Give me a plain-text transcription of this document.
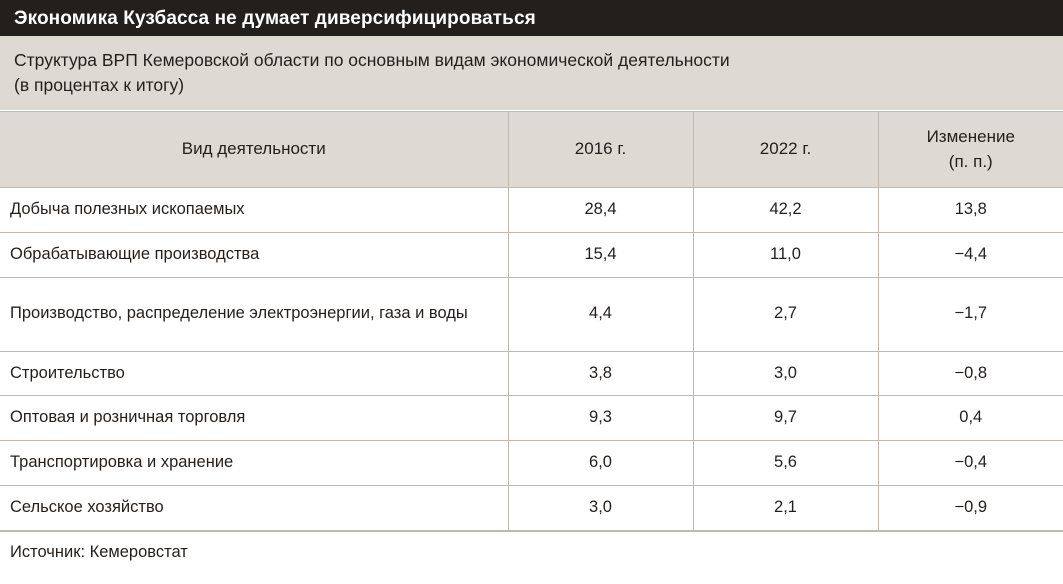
Экономика Кузбасса не думает диверсифицироваться
Структура ВРП Кемеровской области по основным видам экономической деятельности
(в процентах к итогу)
Вид деятельности	2016 г.	2022 г.	Изменение
(п. п.)

Добыча полезных ископаемых	28,4	42,2	13,8
Обрабатывающие производства	15,4	11,0	−4,4
Производство, распределение электроэнергии, газа и воды	4,4	2,7	−1,7
Строительство	3,8	3,0	−0,8
Оптовая и розничная торговля	9,3	9,7	0,4
Транспортировка и хранение	6,0	5,6	−0,4
Сельское хозяйство	3,0	2,1	−0,9
Источник: Кемеровстат
